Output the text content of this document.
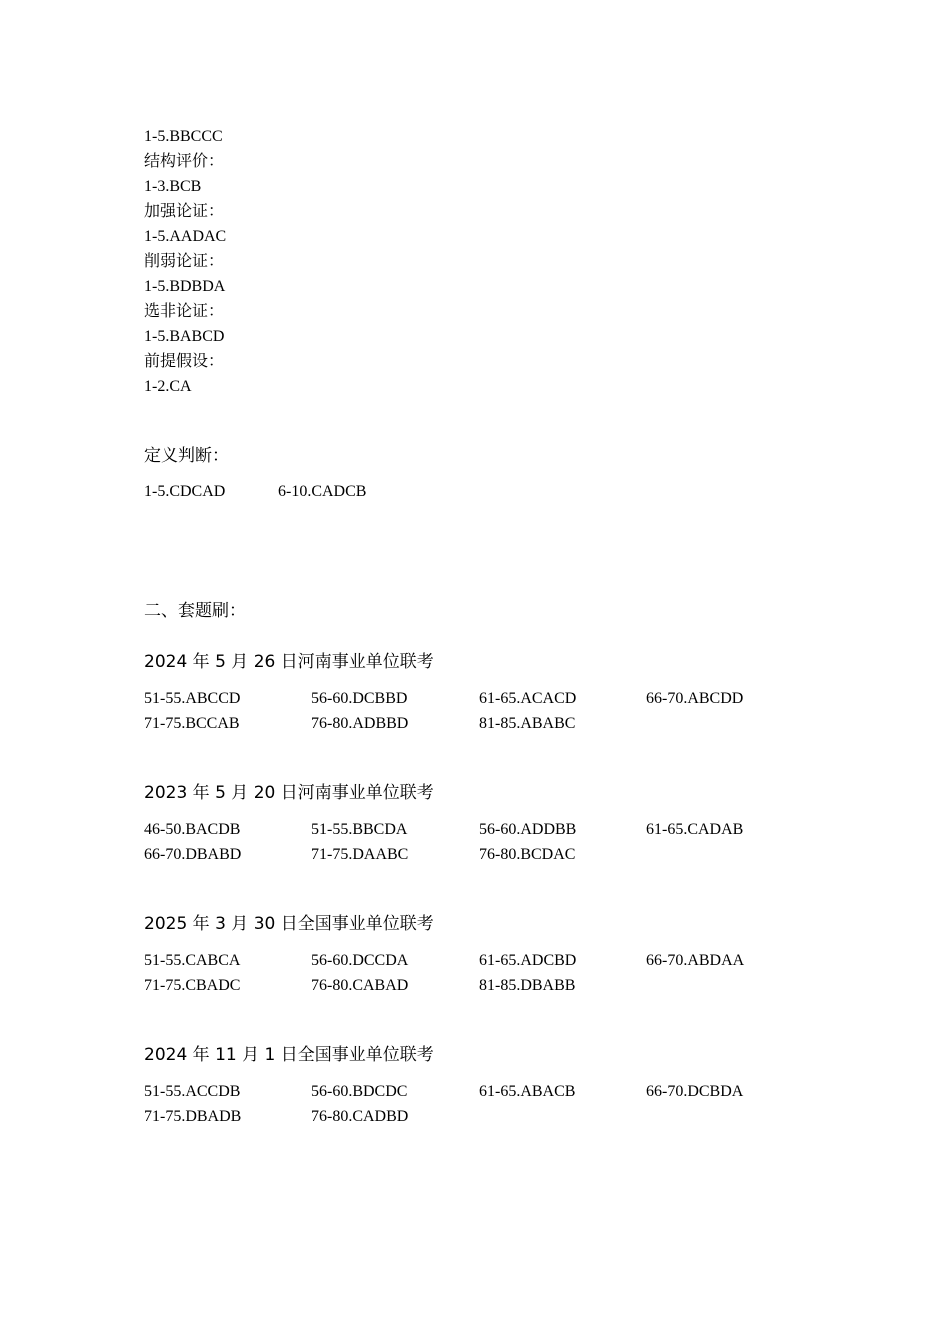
1-5.BBCCC
结构评价：
1-3.BCB
加强论证：
1-5.AADAC
削弱论证：
1-5.BDBDA
选非论证：
1-5.BABCD
前提假设：
1-2.CA
定义判断：
1-5.CDCAD	6-10.CADCB
二、套题刷：
2024 年 5 月 26 日河南事业单位联考
51-55.ABCCD	56-60.DCBBD	61-65.ACACD	66-70.ABCDD
71-75.BCCAB	76-80.ADBBD	81-85.ABABC
2023 年 5 月 20 日河南事业单位联考
46-50.BACDB	51-55.BBCDA	56-60.ADDBB	61-65.CADAB
66-70.DBABD	71-75.DAABC	76-80.BCDAC
2025 年 3 月 30 日全国事业单位联考
51-55.CABCA	56-60.DCCDA	61-65.ADCBD	66-70.ABDAA
71-75.CBADC	76-80.CABAD	81-85.DBABB
2024 年 11 月 1 日全国事业单位联考
51-55.ACCDB	56-60.BDCDC	61-65.ABACB	66-70.DCBDA
71-75.DBADB	76-80.CADBD
